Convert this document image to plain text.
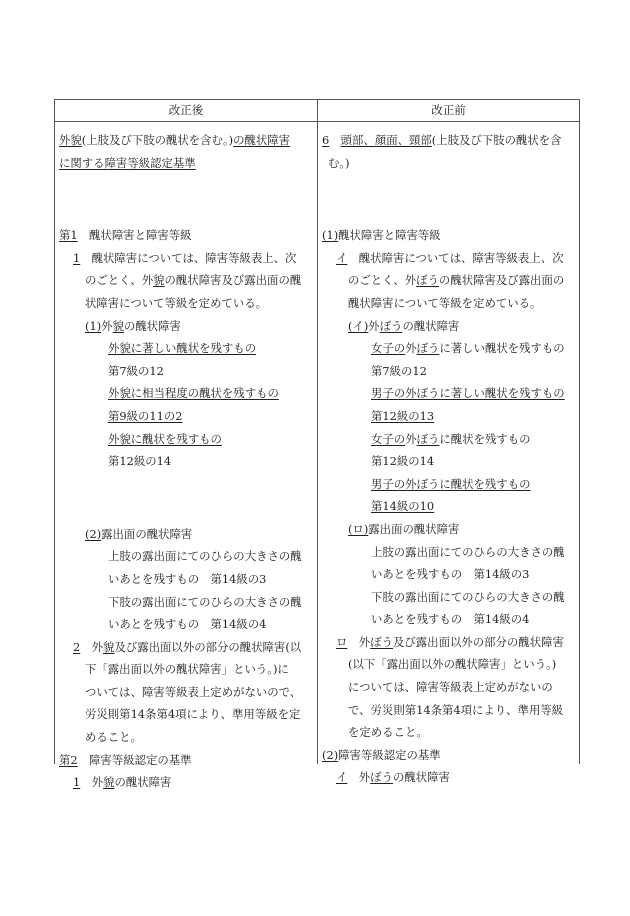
改正後	改正前
外貌(上肢及び下肢の醜状を含む。)の醜状障害
に関する障害等級認定基準
第1　醜状障害と障害等級
1　醜状障害については、障害等級表上、次
のごとく、外貌の醜状障害及び露出面の醜
状障害について等級を定めている。
(1)外貌の醜状障害
外貌に著しい醜状を残すもの
第7級の12
外貌に相当程度の醜状を残すもの
第9級の11の2
外貌に醜状を残すもの
第12級の14
(2)露出面の醜状障害
上肢の露出面にてのひらの大きさの醜
いあとを残すもの　第14級の3
下肢の露出面にてのひらの大きさの醜
いあとを残すもの　第14級の4
2　外貌及び露出面以外の部分の醜状障害(以
下「露出面以外の醜状障害」という。)に
ついては、障害等級表上定めがないので、
労災則第14条第4項により、準用等級を定
めること。
第2　障害等級認定の基準
1　外貌の醜状障害
6　 頭部、顔面、頸部(上肢及び下肢の醜状を含
む。)
(1)醜状障害と障害等級
イ　醜状障害については、障害等級表上、次
のごとく、外ぼうの醜状障害及び露出面の
醜状障害について等級を定めている。
(イ)外ぼうの醜状障害
女子の外ぼうに著しい醜状を残すもの
第7級の12
男子の外ぼうに著しい醜状を残すもの
第12級の13
女子の外ぼうに醜状を残すもの
第12級の14
男子の外ぼうに醜状を残すもの
第14級の10
(ロ)露出面の醜状障害
上肢の露出面にてのひらの大きさの醜
いあとを残すもの　第14級の3
下肢の露出面にてのひらの大きさの醜
いあとを残すもの　第14級の4
ロ　外ぼう及び露出面以外の部分の醜状障害
(以下「露出面以外の醜状障害」という。)
については、障害等級表上定めがないの
で、労災則第14条第4項により、準用等級
を定めること。
(2)障害等級認定の基準
イ　外ぼうの醜状障害
